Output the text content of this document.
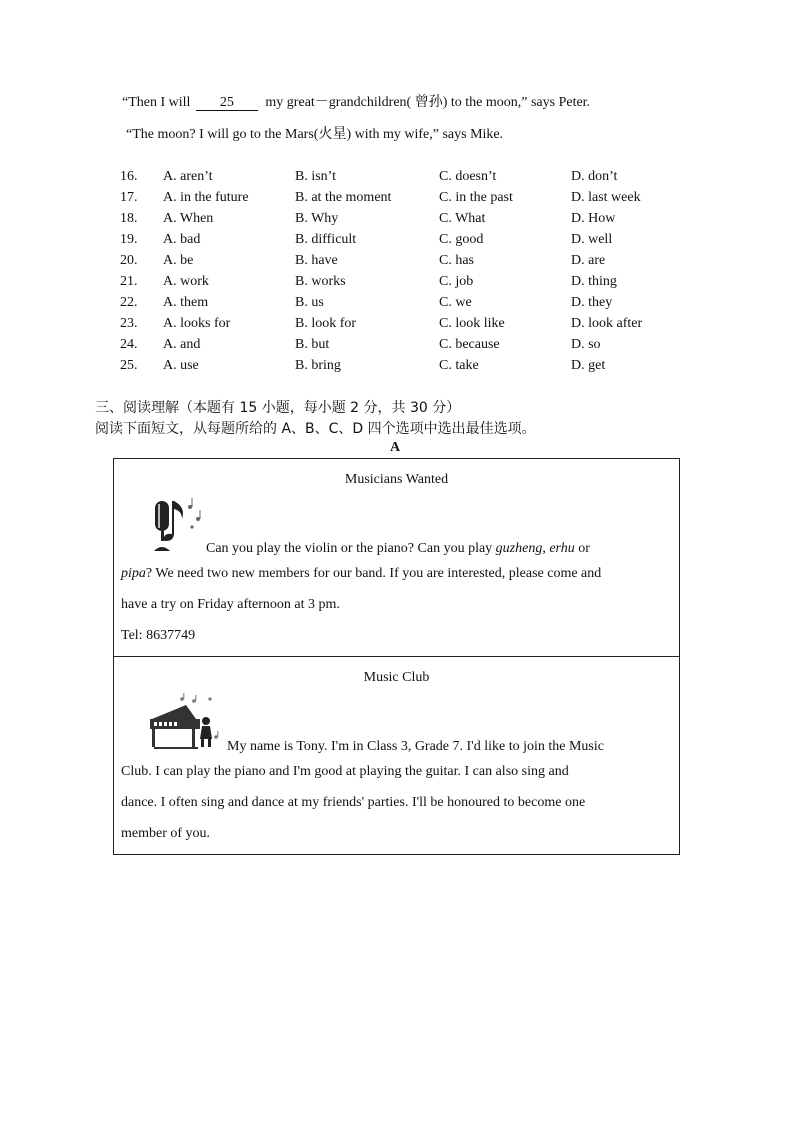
“Then I will 25 my great－grandchildren( 曾孙) to the moon,” says Peter.
“The moon? I will go to the Mars(火星) with my wife,” says Mike.
16. A. aren’t	B. isn’t	C. doesn’t	D. don’t
17. A. in the future	B. at the moment	C. in the past	D. last week
18. A. When	B. Why	C. What	D. How
19. A. bad	B. difficult	C. good	D. well
20. A. be	B. have	C. has	D. are
21. A. work	B. works	C. job	D. thing
22. A. them	B. us	C. we	D. they
23. A. looks for	B. look for	C. look like	D. look after
24. A. and	B. but	C. because	D. so
25. A. use	B. bring	C. take	D. get
三、阅读理解（本题有 15 小题，每小题 2 分，共 30 分）
阅读下面短文，从每题所给的 A、B、C、D 四个选项中选出最佳选项。
A
Musicians Wanted
Can you play the violin or the piano? Can you play guzheng, erhu or
pipa? We need two new members for our band. If you are interested, please come and
have a try on Friday afternoon at 3 pm.
Tel: 8637749
Music Club
My name is Tony. I'm in Class 3, Grade 7. I'd like to join the Music
Club. I can play the piano and I'm good at playing the guitar. I can also sing and
dance. I often sing and dance at my friends' parties. I'll be honoured to become one
member of you.
